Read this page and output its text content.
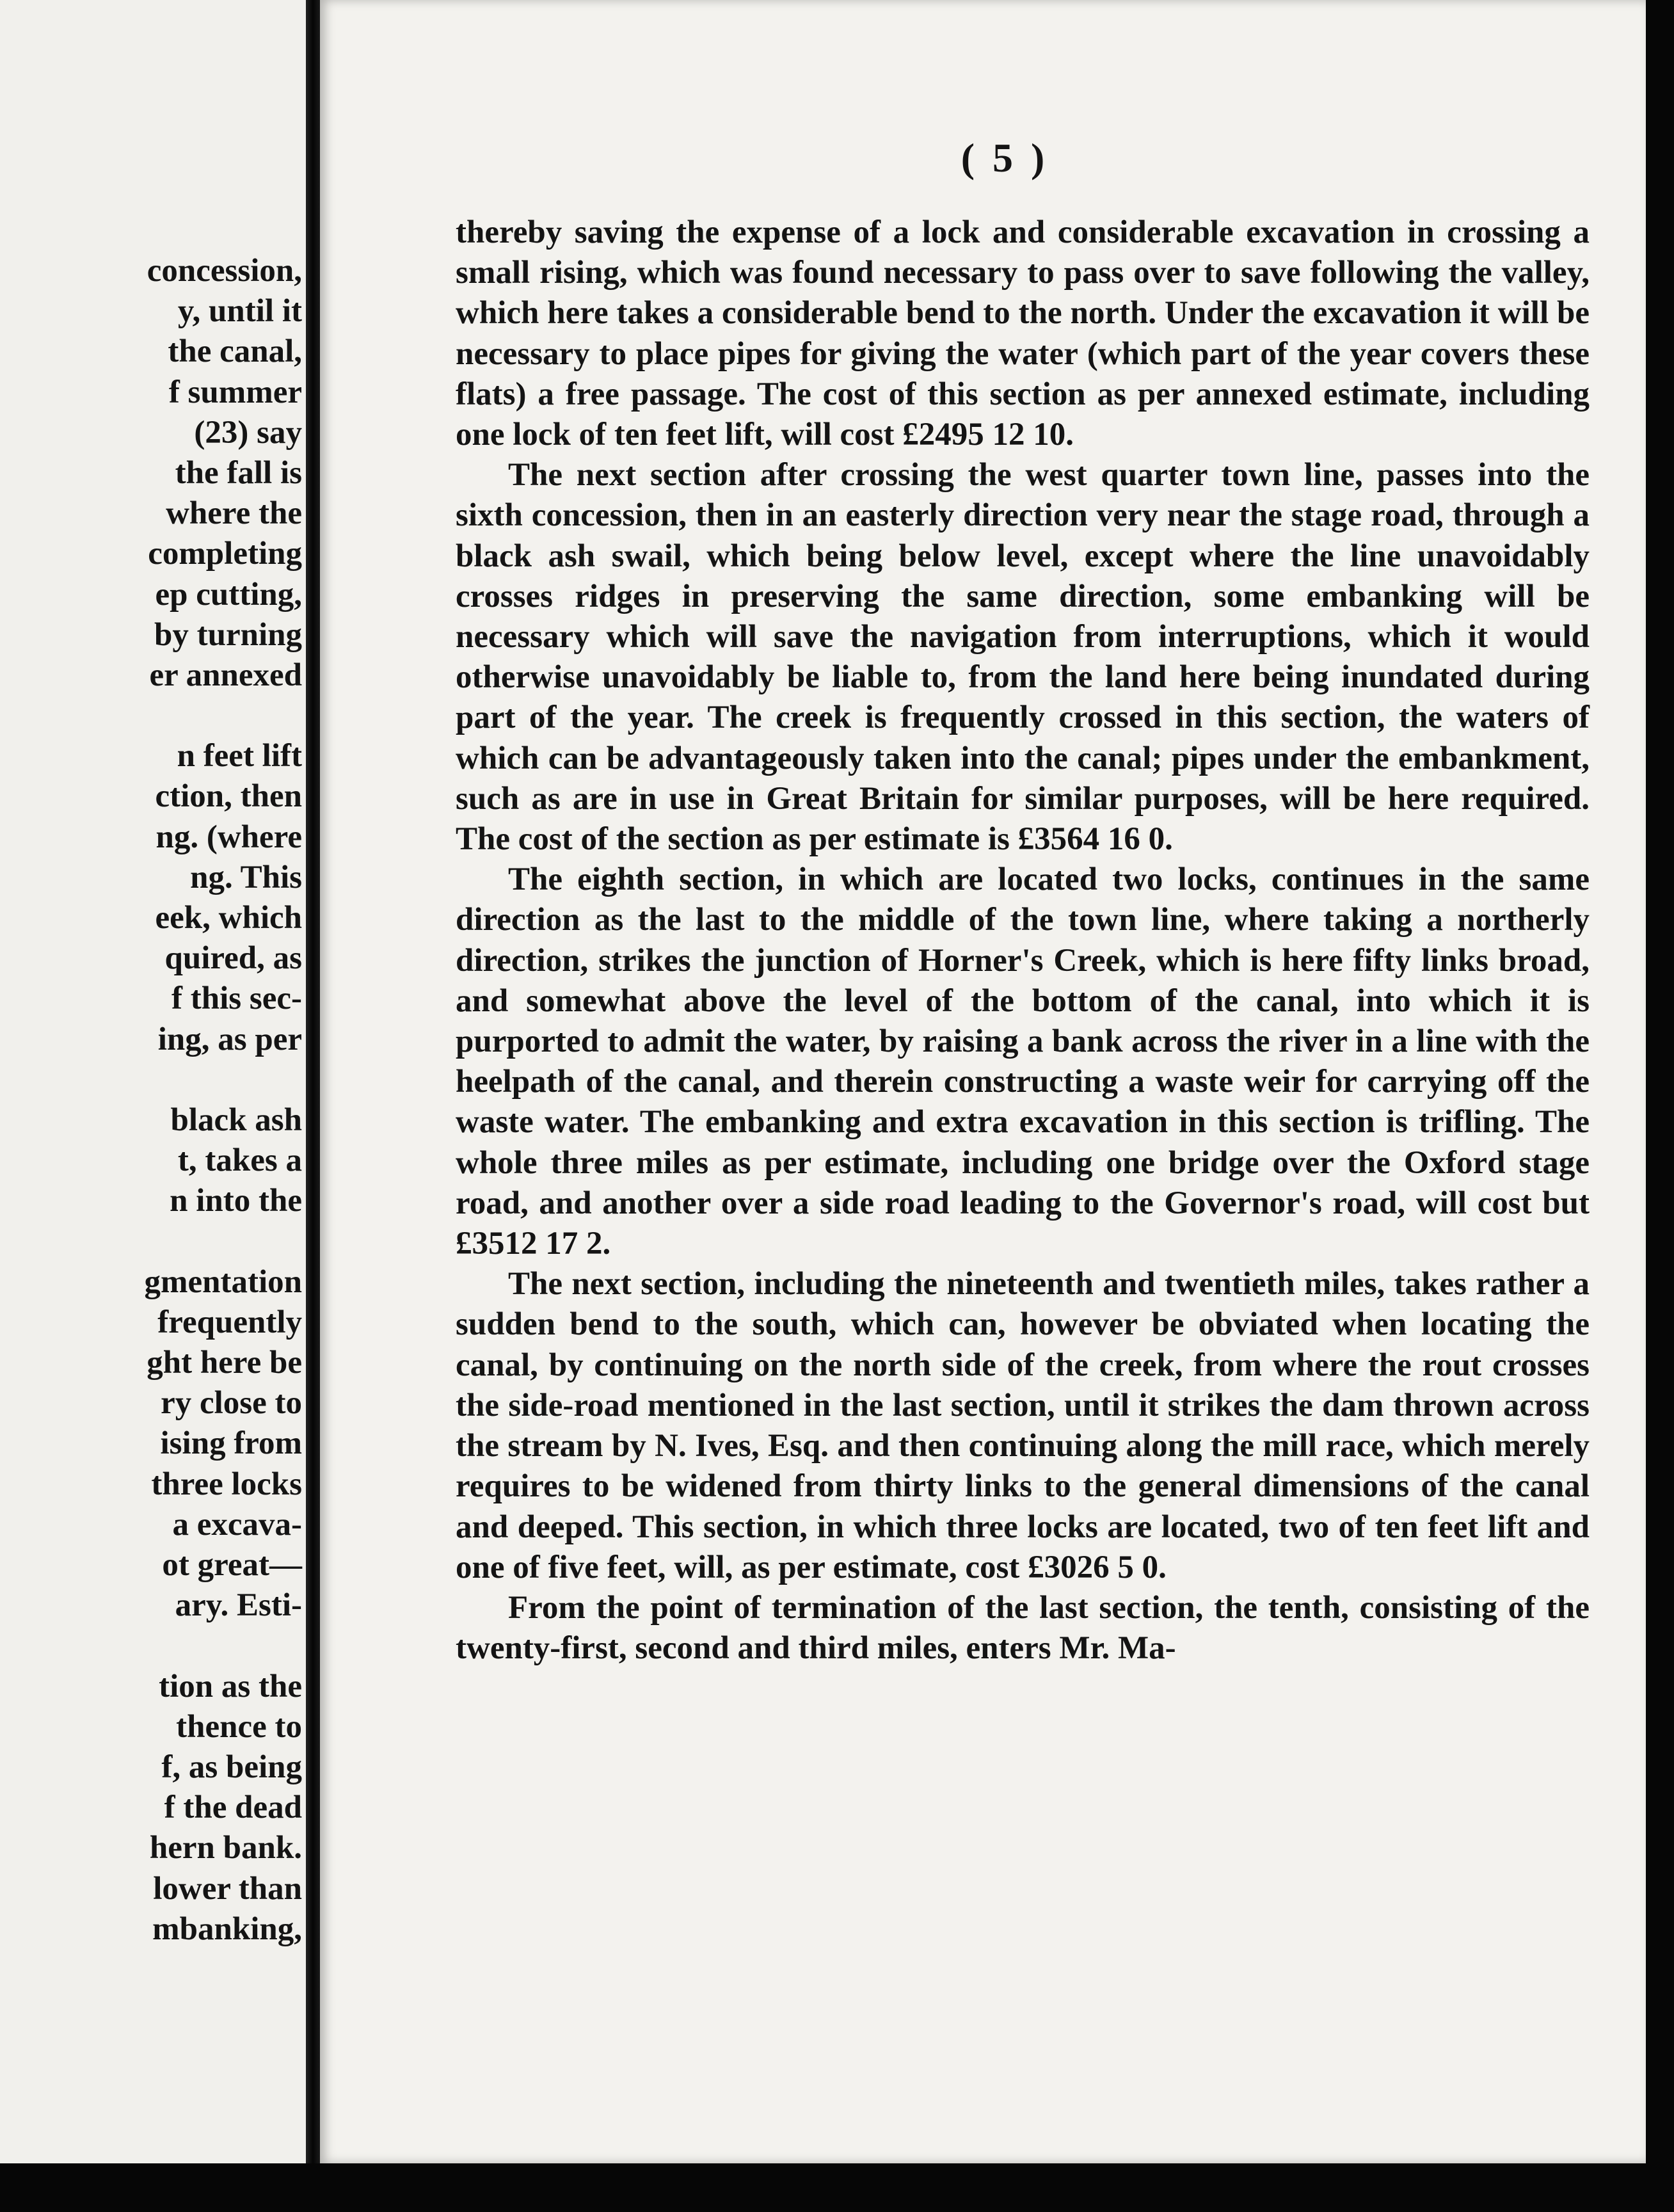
concession,
y, until it
the canal,
f summer
(23) say
the fall is
where the
completing
ep cutting,
by turning
er annexed
n feet lift
ction, then
ng. (where
ng. This
eek, which
quired, as
f this sec-
ing, as per
black ash
t, takes a
n into the
gmentation
frequently
ght here be
ry close to
ising from
three locks
a excava-
ot great—
ary. Esti-
tion as the
thence to
f, as being
f the dead
hern bank.
lower than
mbanking,
( 5 )

thereby saving the expense of a lock and considerable excavation in crossing a small rising, which was found necessary to pass over to save following the valley, which here takes a considerable bend to the north. Under the excavation it will be necessary to place pipes for giving the water (which part of the year covers these flats) a free passage. The cost of this section as per annexed estimate, including one lock of ten feet lift, will cost £2495 12 10.

The next section after crossing the west quarter town line, passes into the sixth concession, then in an easterly direction very near the stage road, through a black ash swail, which being below level, except where the line unavoidably crosses ridges in preserving the same direction, some embanking will be necessary which will save the navigation from interruptions, which it would otherwise unavoidably be liable to, from the land here being inundated during part of the year. The creek is frequently crossed in this section, the waters of which can be advantageously taken into the canal; pipes under the embankment, such as are in use in Great Britain for similar purposes, will be here required. The cost of the section as per estimate is £3564 16 0.

The eighth section, in which are located two locks, continues in the same direction as the last to the middle of the town line, where taking a northerly direction, strikes the junction of Horner's Creek, which is here fifty links broad, and somewhat above the level of the bottom of the canal, into which it is purported to admit the water, by raising a bank across the river in a line with the heelpath of the canal, and therein constructing a waste weir for carrying off the waste water. The embanking and extra excavation in this section is trifling. The whole three miles as per estimate, including one bridge over the Oxford stage road, and another over a side road leading to the Governor's road, will cost but £3512 17 2.

The next section, including the nineteenth and twentieth miles, takes rather a sudden bend to the south, which can, however be obviated when locating the canal, by continuing on the north side of the creek, from where the rout crosses the side-road mentioned in the last section, until it strikes the dam thrown across the stream by N. Ives, Esq. and then continuing along the mill race, which merely requires to be widened from thirty links to the general dimensions of the canal and deeped. This section, in which three locks are located, two of ten feet lift and one of five feet, will, as per estimate, cost £3026 5 0.

From the point of termination of the last section, the tenth, consisting of the twenty-first, second and third miles, enters Mr. Ma-
